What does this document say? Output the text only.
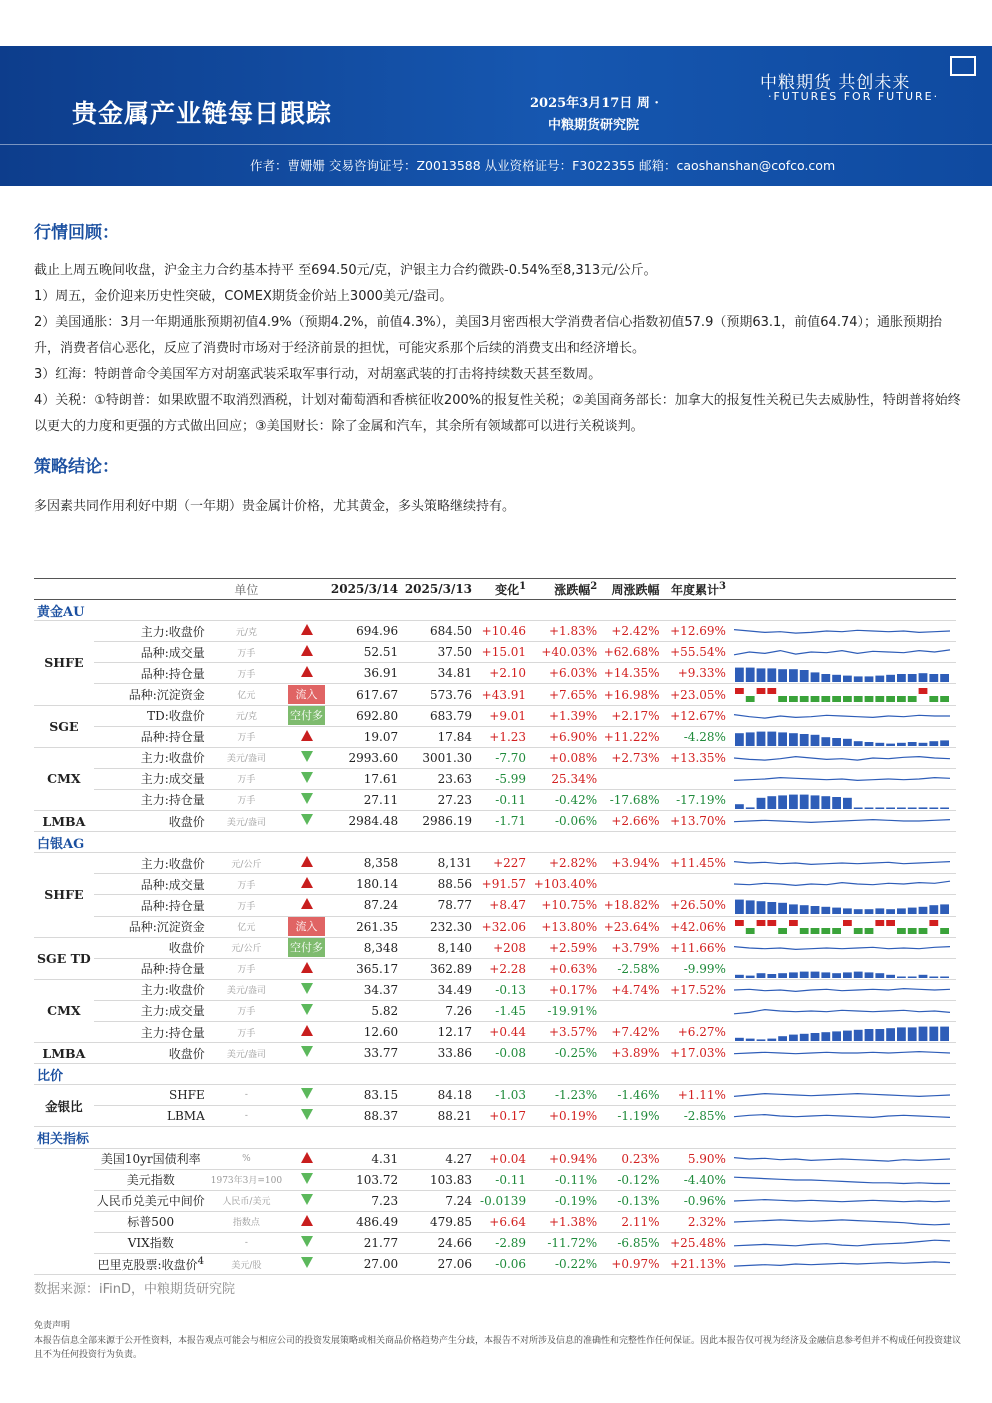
贵金属产业链每日跟踪	2025年3月17日 周 ·
中粮期货研究院
中粮期货 共创未来
·FUTURES FOR FUTURE·
作者：曹姗姗 交易咨询证号：Z0013588 从业资格证号：F3022355 邮箱：caoshanshan@cofco.com
行情回顾：

截止上周五晚间收盘，沪金主力合约基本持平 至694.50元/克，沪银主力合约微跌-0.54%至8,313元/公斤。

1）周五，金价迎来历史性突破，COMEX期货金价站上3000美元/盎司。

2）美国通胀：3月一年期通胀预期初值4.9%（预期4.2%，前值4.3%），美国3月密西根大学消费者信心指数初值57.9（预期63.1，前值64.74）；通胀预期抬升，消费者信心恶化，反应了消费时市场对于经济前景的担忧，可能灾系那个后续的消费支出和经济增长。

3）红海：特朗普命令美国军方对胡塞武装采取军事行动，对胡塞武装的打击将持续数天甚至数周。

4）关税：①特朗普：如果欧盟不取消烈酒税，计划对葡萄酒和香槟征收200%的报复性关税；②美国商务部长：加拿大的报复性关税已失去威胁性，特朗普将始终以更大的力度和更强的方式做出回应；③美国财长：除了金属和汽车，其余所有领域都可以进行关税谈判。

策略结论：
多因素共同作用利好中期（一年期）贵金属计价格，尤其黄金，多头策略继续持有。
		单位		2025/3/14	2025/3/13	变化$^1$	涨跌幅$^2$	周涨跌幅	年度累计$^3$	
黄金AU										
SHFE	主力:收盘价	元/克		694.96	684.50	+10.46	+1.83%	+2.42%	+12.69%	

	品种:成交量	万手		52.51	37.50	+15.01	+40.03%	+62.68%	+55.54%	

	品种:持仓量	万手		36.91	34.81	+2.10	+6.03%	+14.35%	+9.33%	

	品种:沉淀资金	亿元	流入	617.67	573.76	+43.91	+7.65%	+16.98%	+23.05%	

SGE	TD:收盘价	元/克	空付多	692.80	683.79	+9.01	+1.39%	+2.17%	+12.67%	

	品种:持仓量	万手		19.07	17.84	+1.23	+6.90%	+11.22%	-4.28%	

CMX	主力:收盘价	美元/盎司		2993.60	3001.30	-7.70	+0.08%	+2.73%	+13.35%	

	主力:成交量	万手		17.61	23.63	-5.99	25.34%			

	主力:持仓量	万手		27.11	27.23	-0.11	-0.42%	-17.68%	-17.19%	

LMBA	收盘价	美元/盎司		2984.48	2986.19	-1.71	-0.06%	+2.66%	+13.70%	

白银AG										
SHFE	主力:收盘价	元/公斤		8,358	8,131	+227	+2.82%	+3.94%	+11.45%	

	品种:成交量	万手		180.14	88.56	+91.57	+103.40%			

	品种:持仓量	万手		87.24	78.77	+8.47	+10.75%	+18.82%	+26.50%	

	品种:沉淀资金	亿元	流入	261.35	232.30	+32.06	+13.80%	+23.64%	+42.06%	

SGE TD	收盘价	元/公斤	空付多	8,348	8,140	+208	+2.59%	+3.79%	+11.66%	

	品种:持仓量	万手		365.17	362.89	+2.28	+0.63%	-2.58%	-9.99%	

CMX	主力:收盘价	美元/盎司		34.37	34.49	-0.13	+0.17%	+4.74%	+17.52%	

	主力:成交量	万手		5.82	7.26	-1.45	-19.91%			

	主力:持仓量	万手		12.60	12.17	+0.44	+3.57%	+7.42%	+6.27%	

LMBA	收盘价	美元/盎司		33.77	33.86	-0.08	-0.25%	+3.89%	+17.03%	

比价										
金银比	SHFE	-		83.15	84.18	-1.03	-1.23%	-1.46%	+1.11%	

	LBMA	-		88.37	88.21	+0.17	+0.19%	-1.19%	-2.85%	

相关指标										
	美国10yr国债利率	%		4.31	4.27	+0.04	+0.94%	0.23%	5.90%	

	美元指数	1973年3月=100		103.72	103.83	-0.11	-0.11%	-0.12%	-4.40%	

	人民币兑美元中间价	人民币/美元		7.23	7.24	-0.0139	-0.19%	-0.13%	-0.96%	

	标普500	指数点		486.49	479.85	+6.64	+1.38%	2.11%	2.32%	

	VIX指数	-		21.77	24.66	-2.89	-11.72%	-6.85%	+25.48%	

	巴里克股票:收盘价$^4$	美元/股		27.00	27.06	-0.06	-0.22%	+0.97%	+21.13%	
数据来源：iFinD，中粮期货研究院
免责声明
本报告信息全部来源于公开性资料，本报告观点可能会与相应公司的投资发展策略或相关商品价格趋势产生分歧，本报告不对所涉及信息的准确性和完整性作任何保证。因此本报告仅可视为经济及金融信息参考但并不构成任何投资建议且不为任何投资行为负责。
